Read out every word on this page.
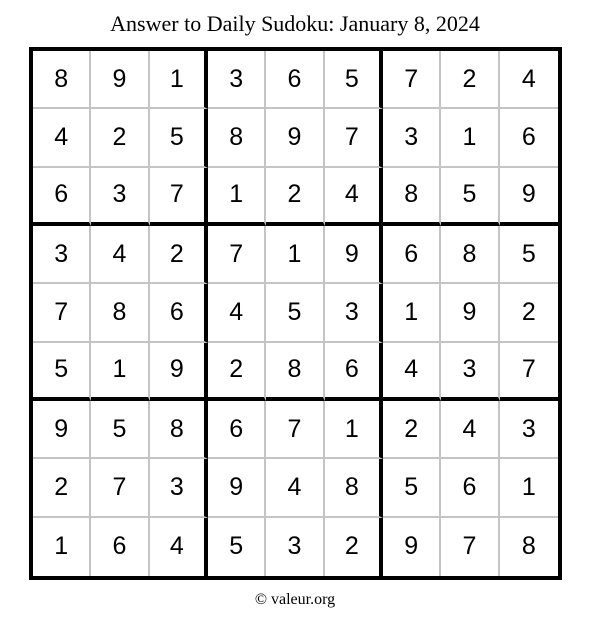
Answer to Daily Sudoku: January 8, 2024
8	9	1	3	6	5	7	2	4
4	2	5	8	9	7	3	1	6
6	3	7	1	2	4	8	5	9
3	4	2	7	1	9	6	8	5
7	8	6	4	5	3	1	9	2
5	1	9	2	8	6	4	3	7
9	5	8	6	7	1	2	4	3
2	7	3	9	4	8	5	6	1
1	6	4	5	3	2	9	7	8
© valeur.org
